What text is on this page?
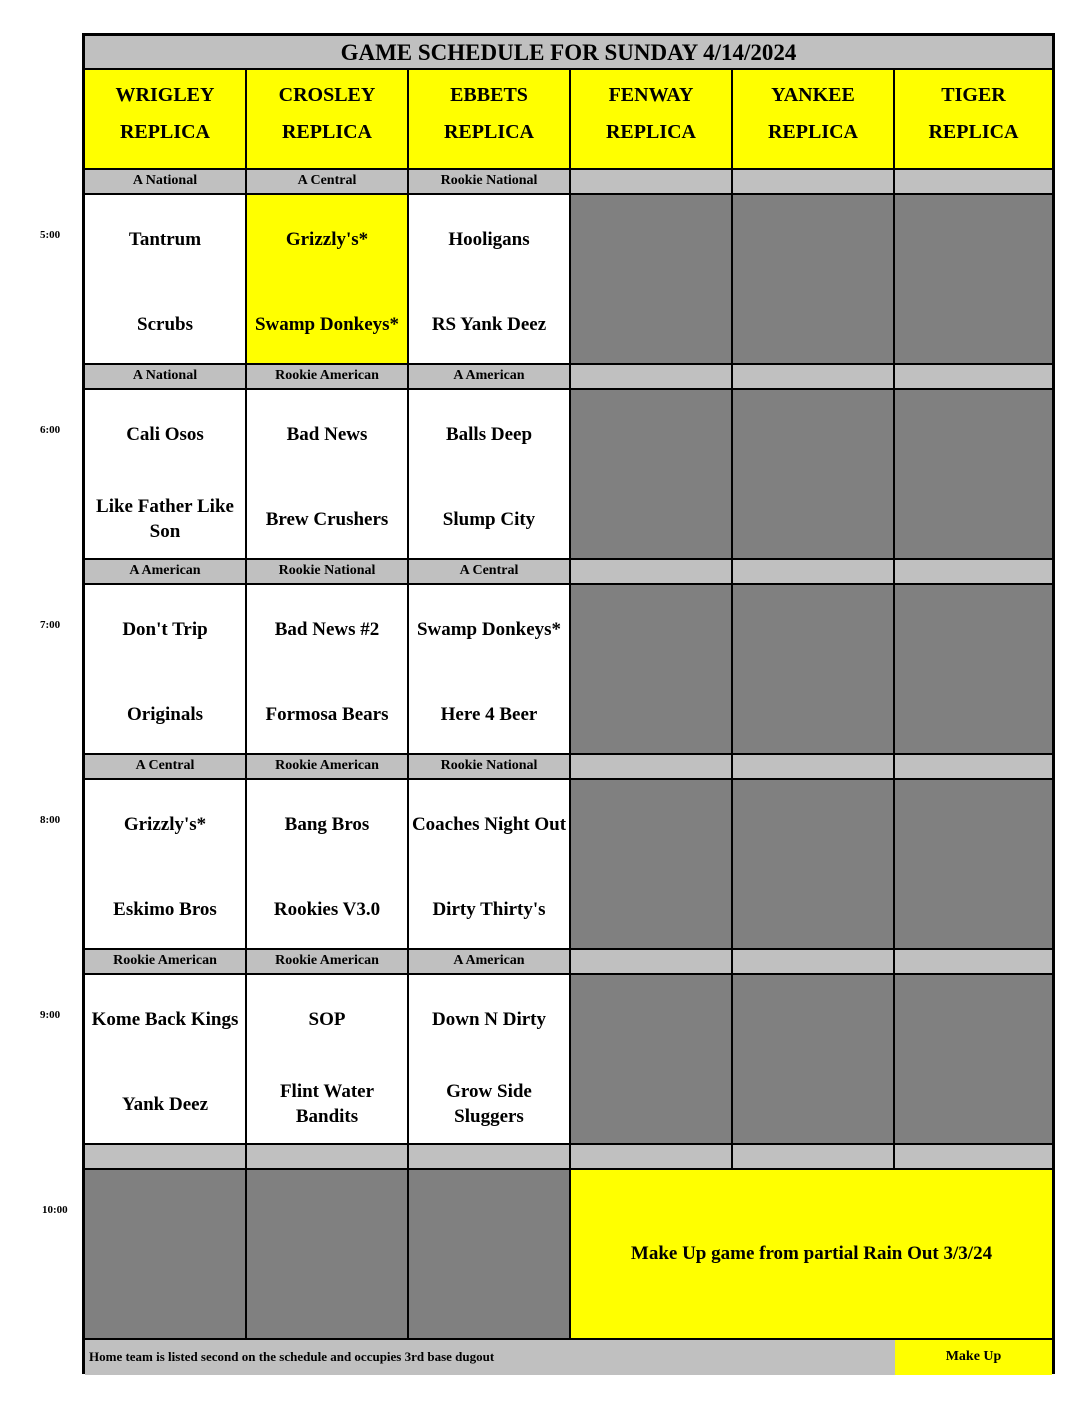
5:00
6:00
7:00
8:00
9:00
10:00
GAME SCHEDULE FOR SUNDAY 4/14/2024
WRIGLEY
REPLICA
CROSLEY
REPLICA
EBBETS
REPLICA
FENWAY
REPLICA
YANKEE
REPLICA
TIGER
REPLICA
A National
Tantrum
Scrubs
A Central
Grizzly's*
Swamp Donkeys*
Rookie National
Hooligans
RS Yank Deez
A National
Cali Osos
Like Father Like Son
Rookie American
Bad News
Brew Crushers
A American
Balls Deep
Slump City
A American
Don't Trip
Originals
Rookie National
Bad News #2
Formosa Bears
A Central
Swamp Donkeys*
Here 4 Beer
A Central
Grizzly's*
Eskimo Bros
Rookie American
Bang Bros
Rookies V3.0
Rookie National
Coaches Night Out
Dirty Thirty's
Rookie American
Kome Back Kings
Yank Deez
Rookie American
SOP
Flint Water Bandits
A American
Down N Dirty
Grow Side Sluggers
Make Up game from partial Rain Out 3/3/24
Home team is listed second on the schedule and occupies 3rd base dugout	Make Up
